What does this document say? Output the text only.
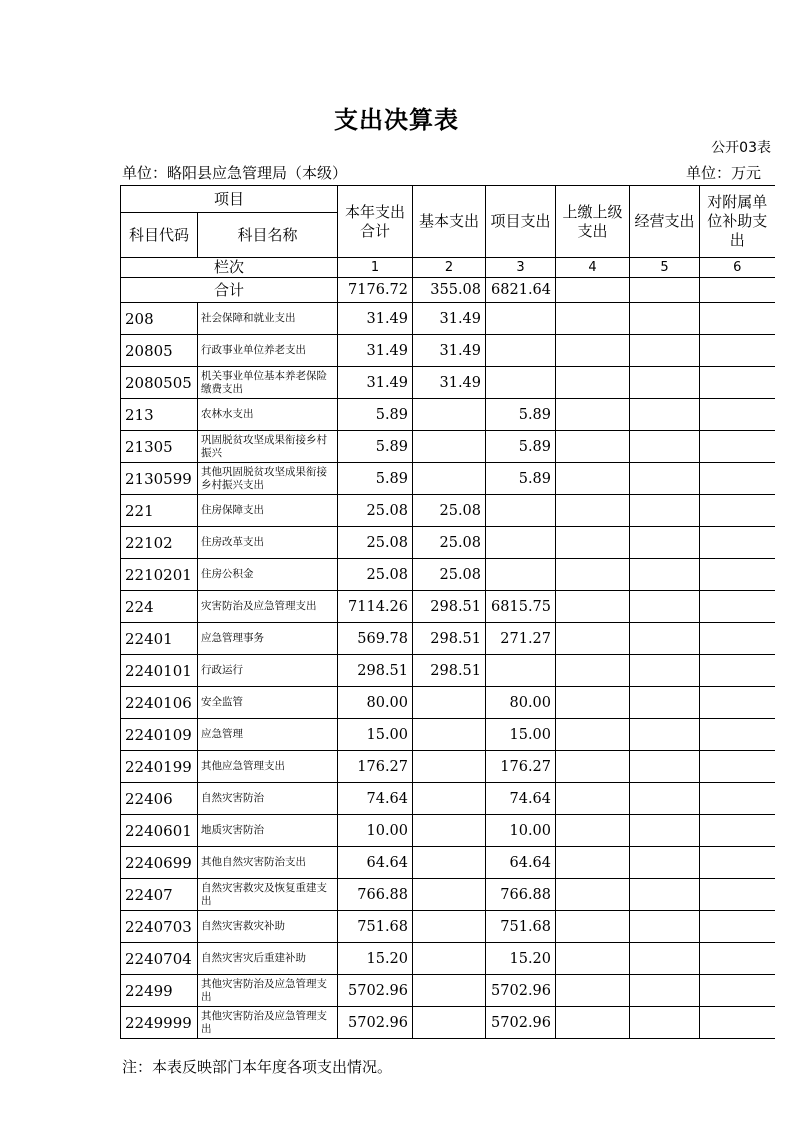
支出决算表
公开03表
单位：略阳县应急管理局（本级）	单位：万元
项目		本年支出合计	基本支出	项目支出	上缴上级支出	经营支出	对附属单位补助支出
科目代码	科目名称						
栏次		1	2	3	4	5	6
合计		7176.72	355.08	6821.64			
208	社会保障和就业支出	31.49	31.49				
20805	行政事业单位养老支出	31.49	31.49				
2080505	机关事业单位基本养老保险缴费支出	31.49	31.49				
213	农林水支出	5.89		5.89			
21305	巩固脱贫攻坚成果衔接乡村振兴	5.89		5.89			
2130599	其他巩固脱贫攻坚成果衔接乡村振兴支出	5.89		5.89			
221	住房保障支出	25.08	25.08				
22102	住房改革支出	25.08	25.08				
2210201	住房公积金	25.08	25.08				
224	灾害防治及应急管理支出	7114.26	298.51	6815.75			
22401	应急管理事务	569.78	298.51	271.27			
2240101	行政运行	298.51	298.51				
2240106	安全监管	80.00		80.00			
2240109	应急管理	15.00		15.00			
2240199	其他应急管理支出	176.27		176.27			
22406	自然灾害防治	74.64		74.64			
2240601	地质灾害防治	10.00		10.00			
2240699	其他自然灾害防治支出	64.64		64.64			
22407	自然灾害救灾及恢复重建支出	766.88		766.88			
2240703	自然灾害救灾补助	751.68		751.68			
2240704	自然灾害灾后重建补助	15.20		15.20			
22499	其他灾害防治及应急管理支出	5702.96		5702.96			
2249999	其他灾害防治及应急管理支出	5702.96		5702.96			
注：本表反映部门本年度各项支出情况。
